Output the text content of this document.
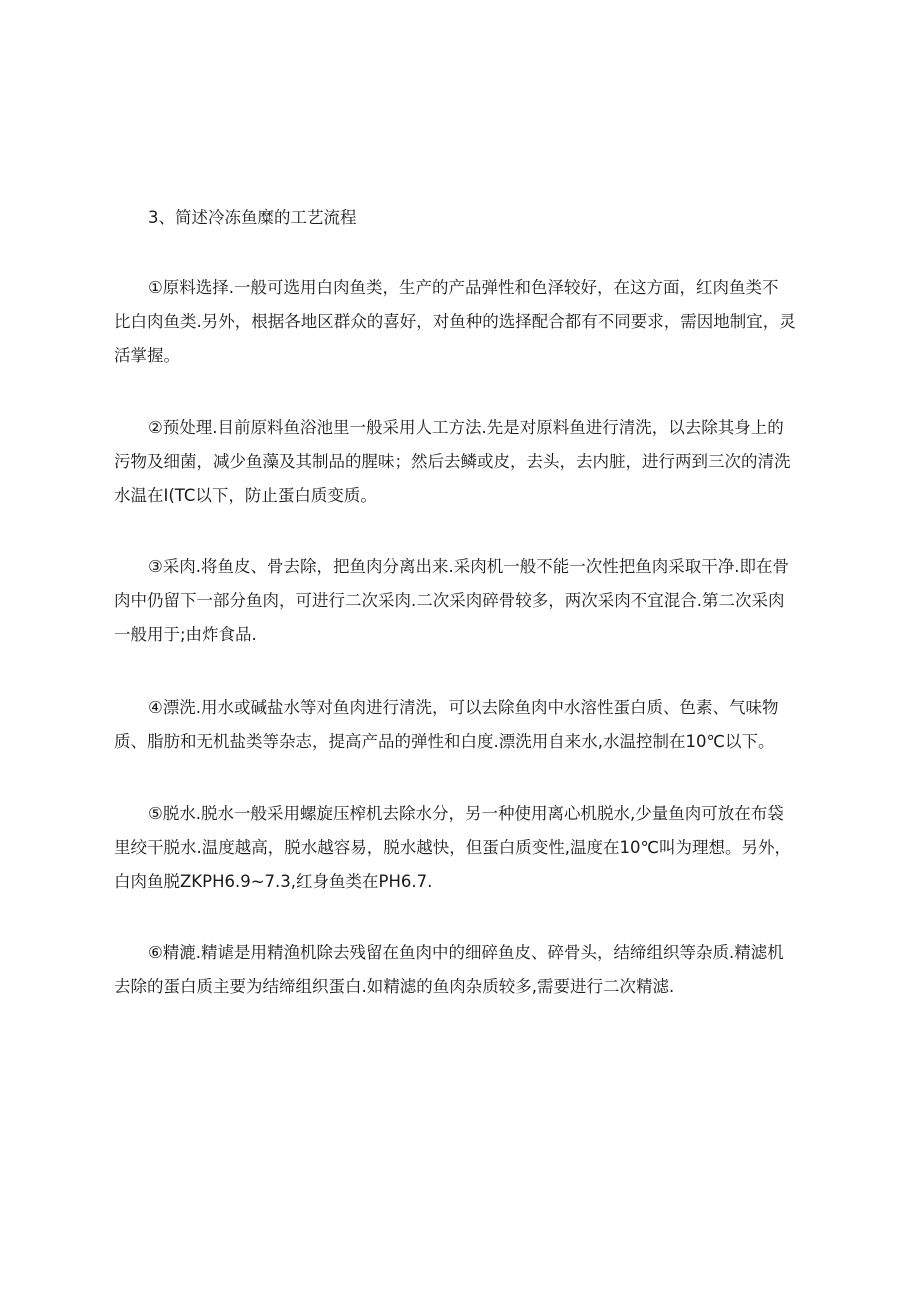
3、简述冷冻鱼糜的工艺流程
①原料选择.一般可选用白肉鱼类，生产的产品弹性和色泽较好，在这方面，红肉鱼类不
比白肉鱼类.另外，根据各地区群众的喜好，对鱼种的选择配合都有不同要求，需因地制宜，灵
活掌握。
②预处理.目前原料鱼浴池里一般采用人工方法.先是对原料鱼进行清洗，以去除其身上的
污物及细菌，减少鱼藻及其制品的腥味；然后去鳞或皮，去头，去内脏，进行两到三次的清洗
水温在I(TC以下，防止蛋白质变质。
③采肉.将鱼皮、骨去除，把鱼肉分离出来.采肉机一般不能一次性把鱼肉采取干净.即在骨
肉中仍留下一部分鱼肉，可进行二次采肉.二次采肉碎骨较多，两次采肉不宜混合.第二次采肉
一般用于;由炸食品.
④漂洗.用水或碱盐水等对鱼肉进行清洗，可以去除鱼肉中水溶性蛋白质、色素、气味物
质、脂肪和无机盐类等杂志，提高产品的弹性和白度.漂洗用自来水,水温控制在10℃以下。
⑤脱水.脱水一般采用螺旋压榨机去除水分，另一种使用离心机脱水,少量鱼肉可放在布袋
里绞干脱水.温度越高，脱水越容易，脱水越快，但蛋白质变性,温度在10℃叫为理想。另外，
白肉鱼脱ZKPH6.9~7.3,红身鱼类在PH6.7.
⑥精漉.精谑是用精渔机除去残留在鱼肉中的细碎鱼皮、碎骨头，结缔组织等杂质.精滤机
去除的蛋白质主要为结缔组织蛋白.如精滤的鱼肉杂质较多,需要进行二次精滤.
